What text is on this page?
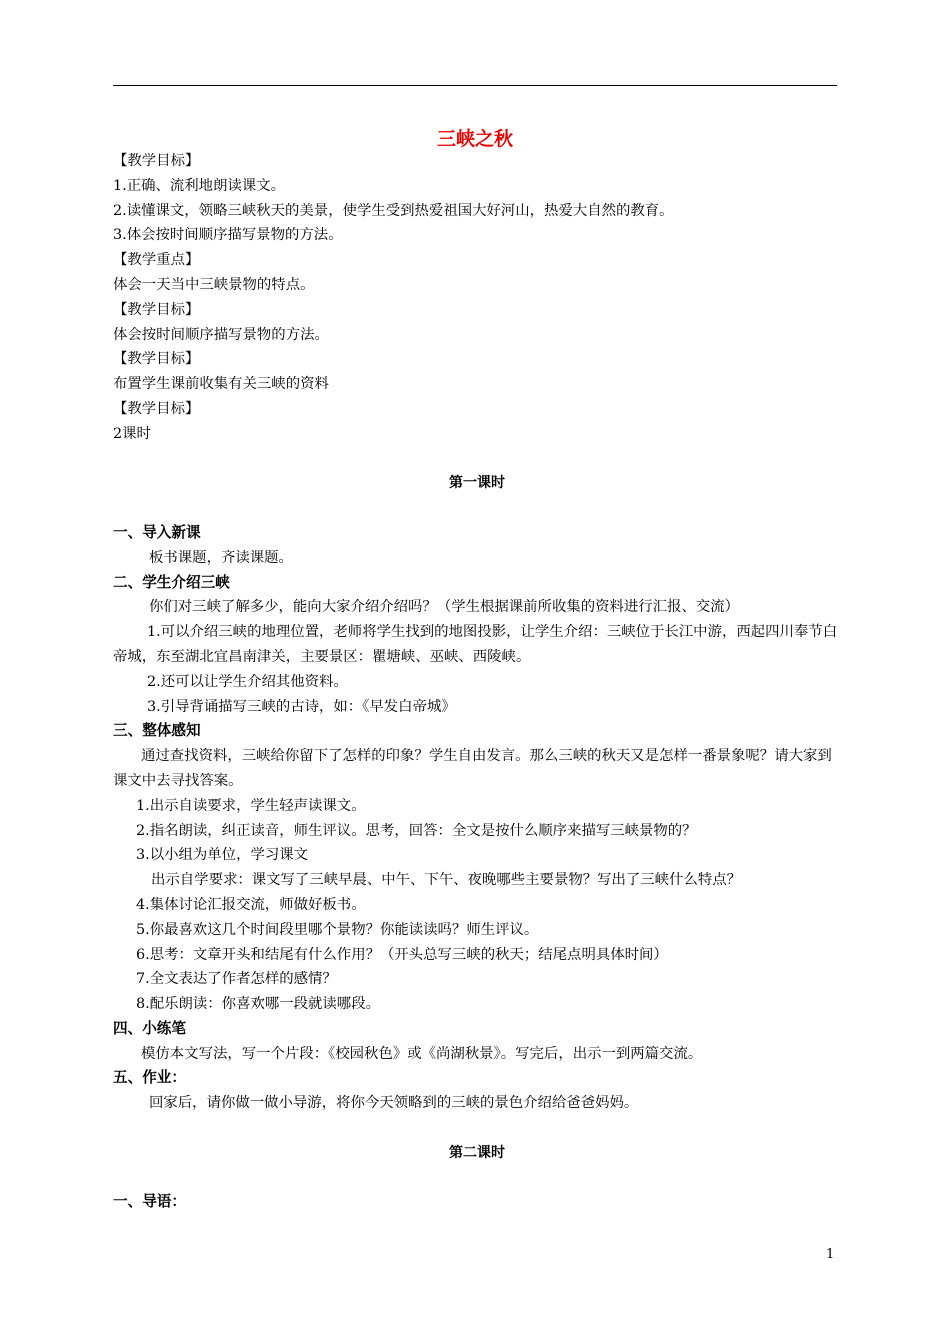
三峡之秋

【教学目标】

1.正确、流利地朗读课文。

2.读懂课文，领略三峡秋天的美景，使学生受到热爱祖国大好河山，热爱大自然的教育。

3.体会按时间顺序描写景物的方法。

【教学重点】

体会一天当中三峡景物的特点。

【教学目标】

体会按时间顺序描写景物的方法。

【教学目标】

布置学生课前收集有关三峡的资料

【教学目标】

2课时

第一课时

一、导入新课

板书课题，齐读课题。

二、学生介绍三峡

你们对三峡了解多少，能向大家介绍介绍吗？（学生根据课前所收集的资料进行汇报、交流）

1.可以介绍三峡的地理位置，老师将学生找到的地图投影，让学生介绍：三峡位于长江中游，西起四川奉节白帝城，东至湖北宜昌南津关，主要景区：瞿塘峡、巫峡、西陵峡。

2.还可以让学生介绍其他资料。

3.引导背诵描写三峡的古诗，如：《早发白帝城》

三、整体感知

通过查找资料，三峡给你留下了怎样的印象？学生自由发言。那么三峡的秋天又是怎样一番景象呢？请大家到课文中去寻找答案。

1.出示自读要求，学生轻声读课文。

2.指名朗读，纠正读音，师生评议。思考，回答：全文是按什么顺序来描写三峡景物的？

3.以小组为单位，学习课文

出示自学要求：课文写了三峡早晨、中午、下午、夜晚哪些主要景物？写出了三峡什么特点？

4.集体讨论汇报交流，师做好板书。

5.你最喜欢这几个时间段里哪个景物？你能读读吗？师生评议。

6.思考：文章开头和结尾有什么作用？（开头总写三峡的秋天；结尾点明具体时间）

7.全文表达了作者怎样的感情？

8.配乐朗读：你喜欢哪一段就读哪段。

四、小练笔

模仿本文写法，写一个片段：《校园秋色》或《尚湖秋景》。写完后，出示一到两篇交流。

五、作业：

回家后，请你做一做小导游，将你今天领略到的三峡的景色介绍给爸爸妈妈。

第二课时

一、导语：

1
